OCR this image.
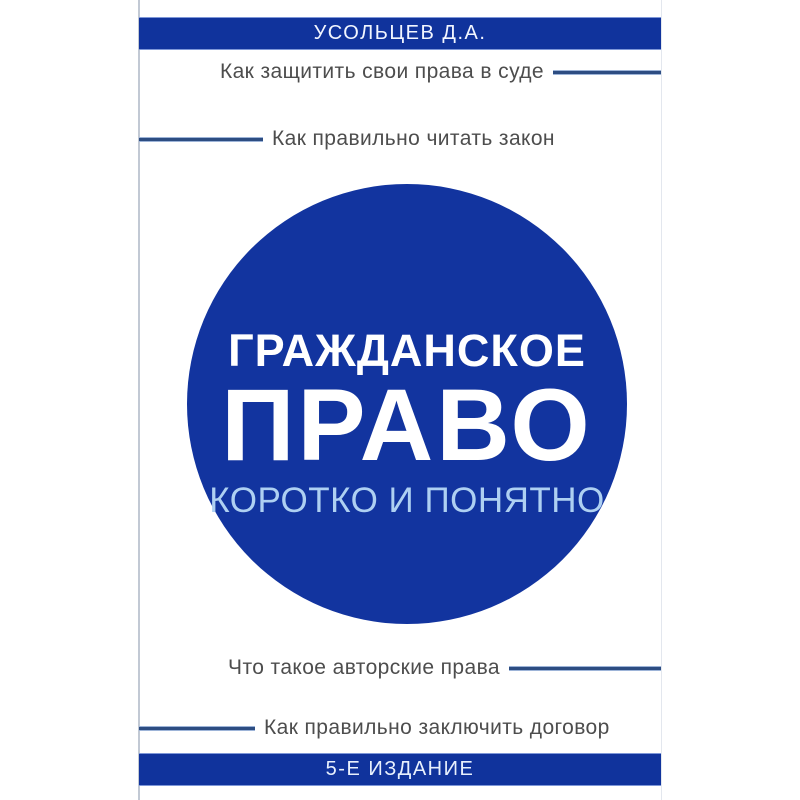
УСОЛЬЦЕВ Д.А.
Как защитить свои права в суде
Как правильно читать закон
ГРАЖДАНСКОЕ
ПРАВО
КОРОТКО И ПОНЯТНО
Что такое авторские права
Как правильно заключить договор
5-Е ИЗДАНИЕ
